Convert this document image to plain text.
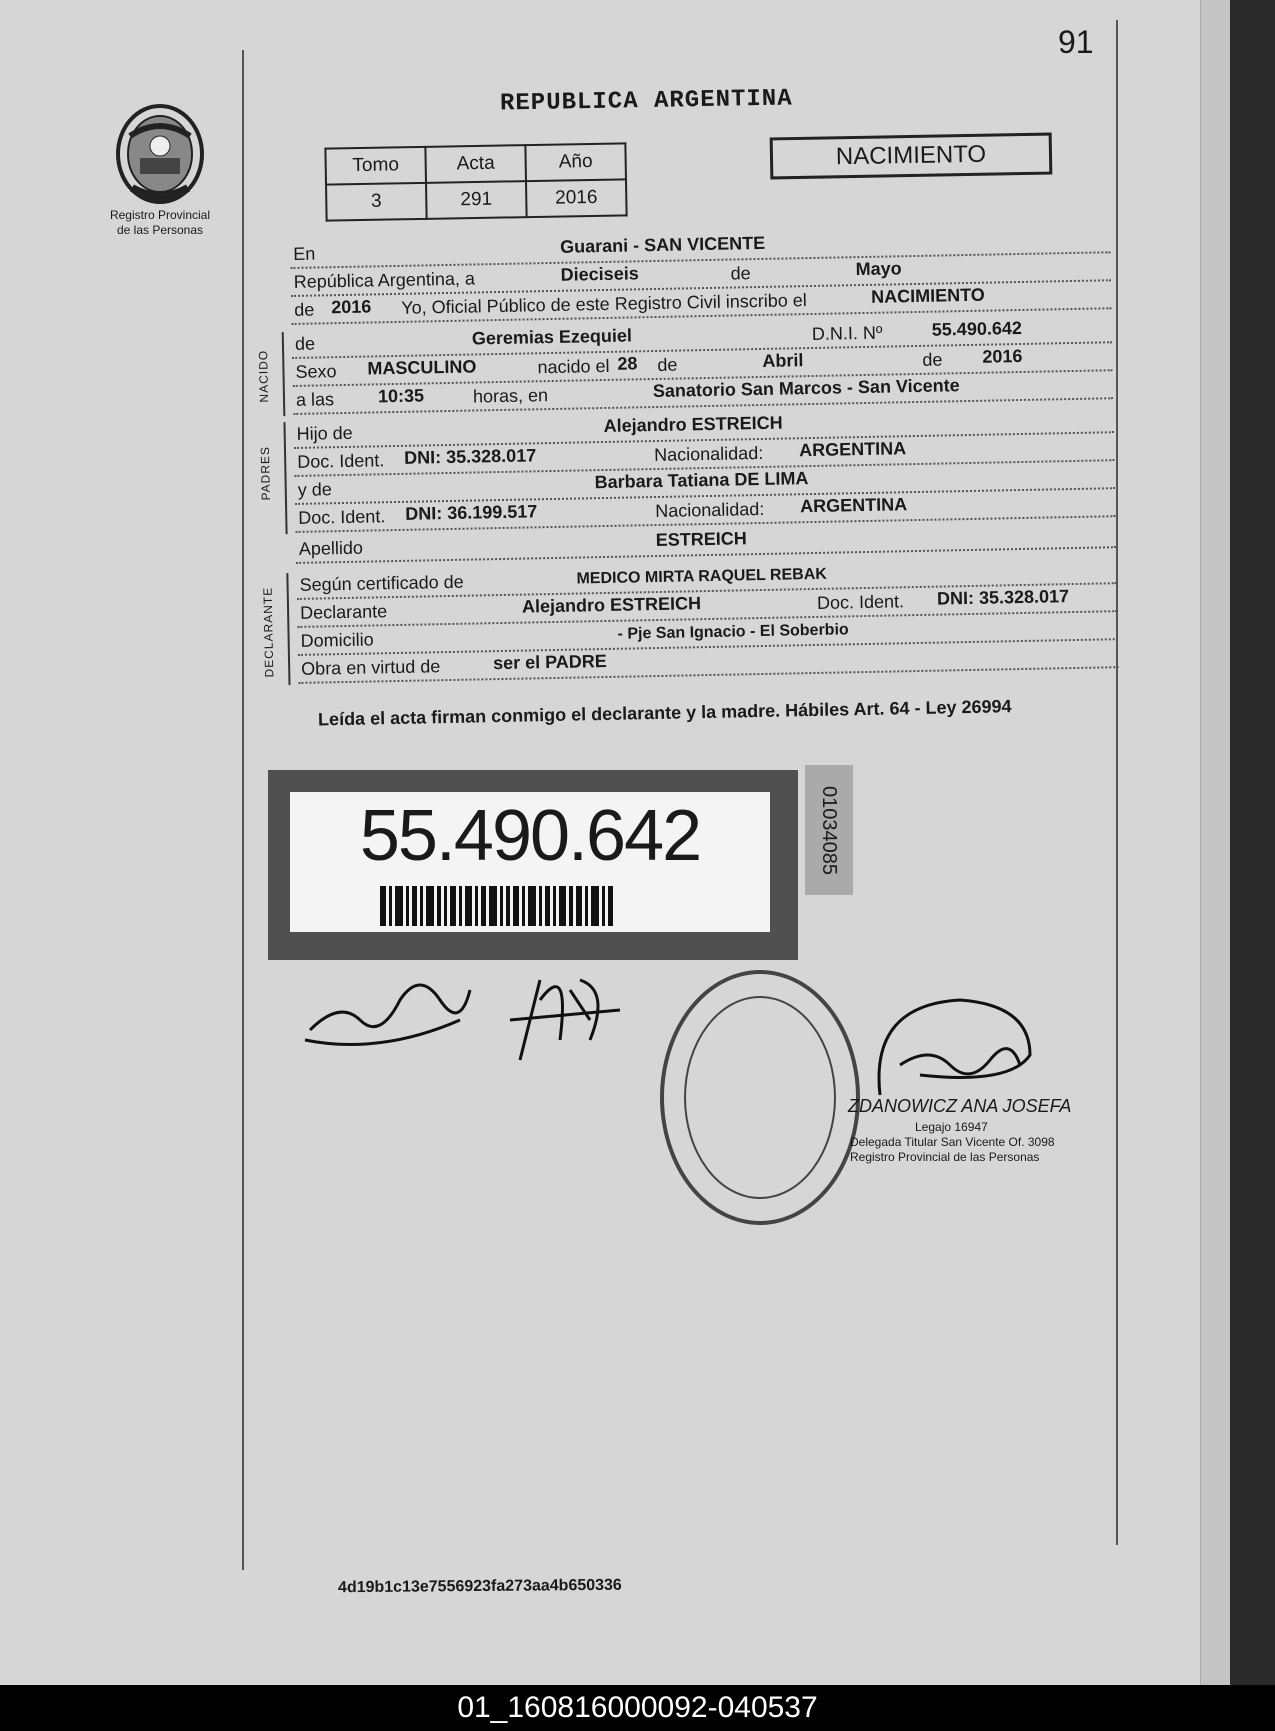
91
Registro Provincial
de las Personas
REPUBLICA ARGENTINA
Tomo	Acta	Año
3	291	2016
NACIMIENTO
En	Guarani - SAN VICENTE
República Argentina, a	Dieciseis	de	Mayo
de 2016 Yo, Oficial Público de este Registro Civil inscribo el	NACIMIENTO
NACIDO
de	Geremias Ezequiel	D.N.I. Nº	55.490.642
Sexo MASCULINO	nacido el 28 de	Abril	de 2016
a las 10:35	horas, en	Sanatorio San Marcos - San Vicente
PADRES
Hijo de	Alejandro ESTREICH
Doc. Ident. DNI: 35.328.017	Nacionalidad: ARGENTINA
y de	Barbara Tatiana DE LIMA
Doc. Ident. DNI: 36.199.517	Nacionalidad: ARGENTINA
Apellido	ESTREICH
DECLARANTE
Según certificado de	MEDICO MIRTA RAQUEL REBAK
Declarante	Alejandro ESTREICH	Doc. Ident. DNI: 35.328.017
Domicilio	- Pje San Ignacio - El Soberbio
Obra en virtud de	ser el PADRE
Leída el acta firman conmigo el declarante y la madre. Hábiles Art. 64 - Ley 26994
55.490.642	01034085
ZDANOWICZ ANA JOSEFA
Legajo 16947
Delegada Titular San Vicente Of. 3098
Registro Provincial de las Personas
4d19b1c13e7556923fa273aa4b650336
01_160816000092-040537
